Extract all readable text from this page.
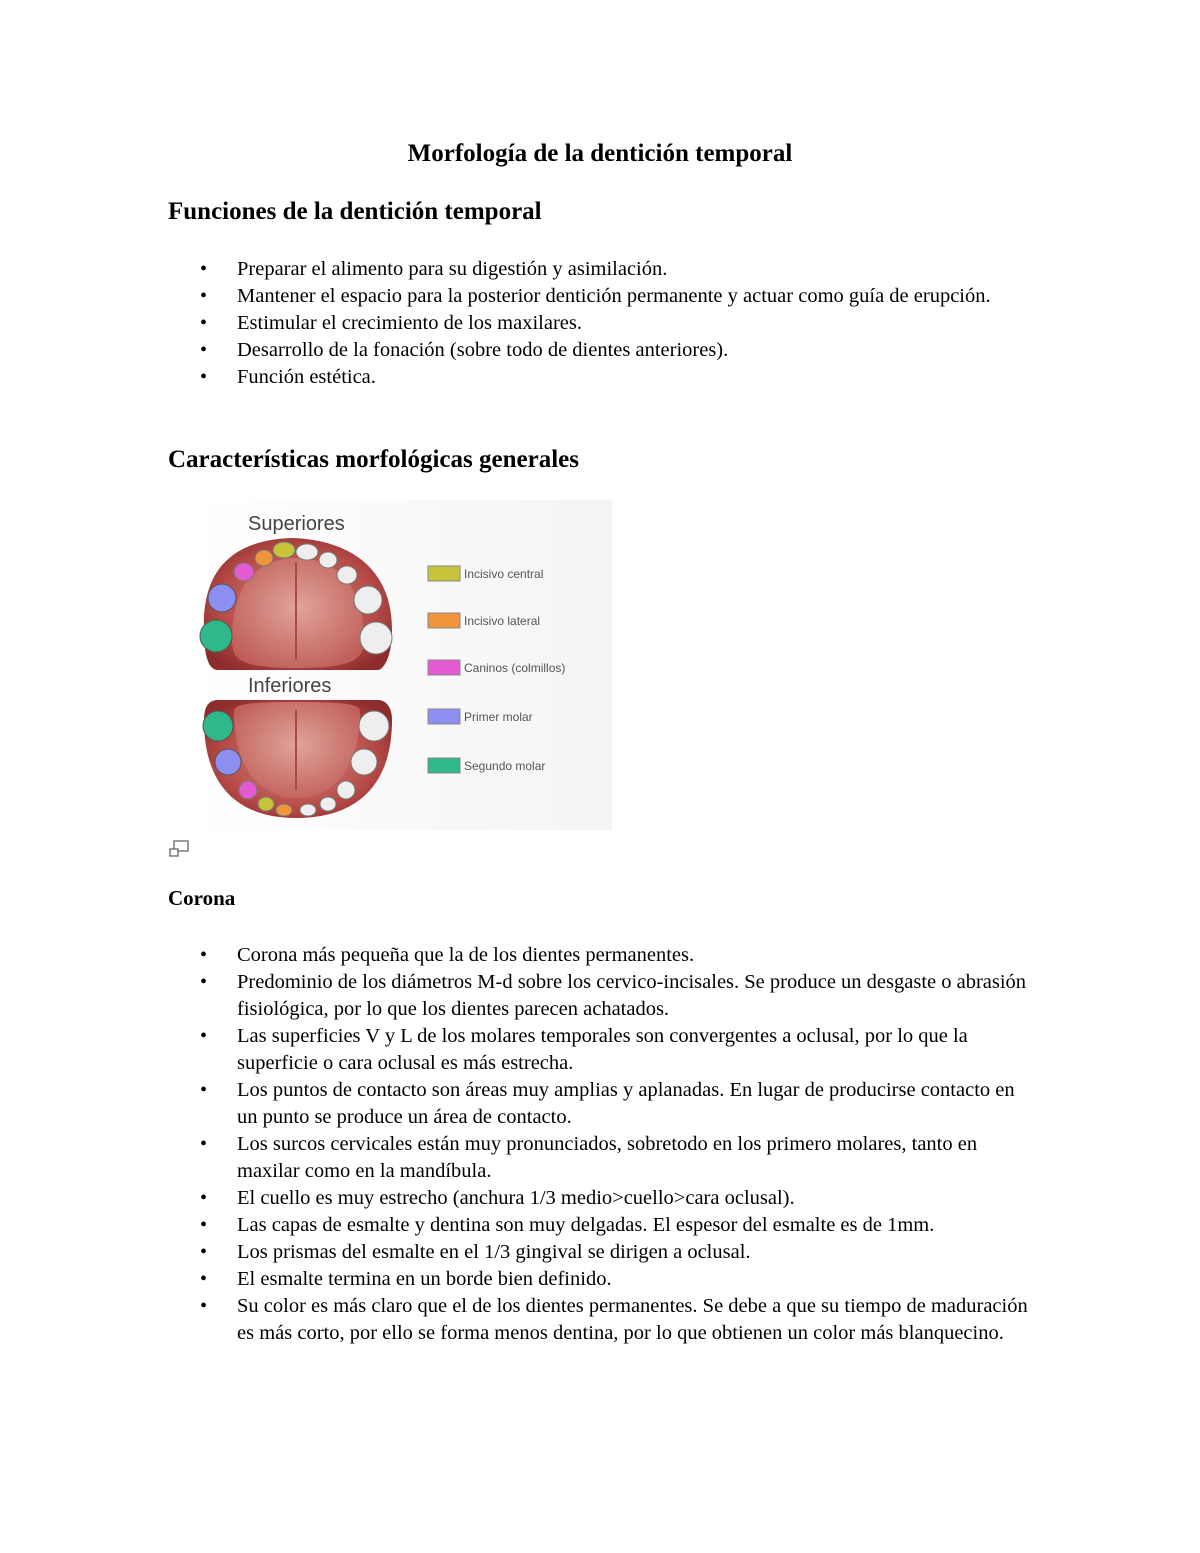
Morfología de la dentición temporal
Funciones de la dentición temporal
• Preparar el alimento para su digestión y asimilación.
• Mantener el espacio para la posterior dentición permanente y actuar como guía de erupción.
• Estimular el crecimiento de los maxilares.
• Desarrollo de la fonación (sobre todo de dientes anteriores).
• Función estética.
Características morfológicas generales
Superiores
Inferiores
Incisivo central
Incisivo lateral
Caninos (colmillos)
Primer molar
Segundo molar
Corona
• Corona más pequeña que la de los dientes permanentes.
• Predominio de los diámetros M-d sobre los cervico-incisales. Se produce un desgaste o abrasión fisiológica, por lo que los dientes parecen achatados.
• Las superficies V y L de los molares temporales son convergentes a oclusal, por lo que la superficie o cara oclusal es más estrecha.
• Los puntos de contacto son áreas muy amplias y aplanadas. En lugar de producirse contacto en un punto se produce un área de contacto.
• Los surcos cervicales están muy pronunciados, sobretodo en los primero molares, tanto en maxilar como en la mandíbula.
• El cuello es muy estrecho (anchura 1/3 medio>cuello>cara oclusal).
• Las capas de esmalte y dentina son muy delgadas. El espesor del esmalte es de 1mm.
• Los prismas del esmalte en el 1/3 gingival se dirigen a oclusal.
• El esmalte termina en un borde bien definido.
• Su color es más claro que el de los dientes permanentes. Se debe a que su tiempo de maduración es más corto, por ello se forma menos dentina, por lo que obtienen un color más blanquecino.
